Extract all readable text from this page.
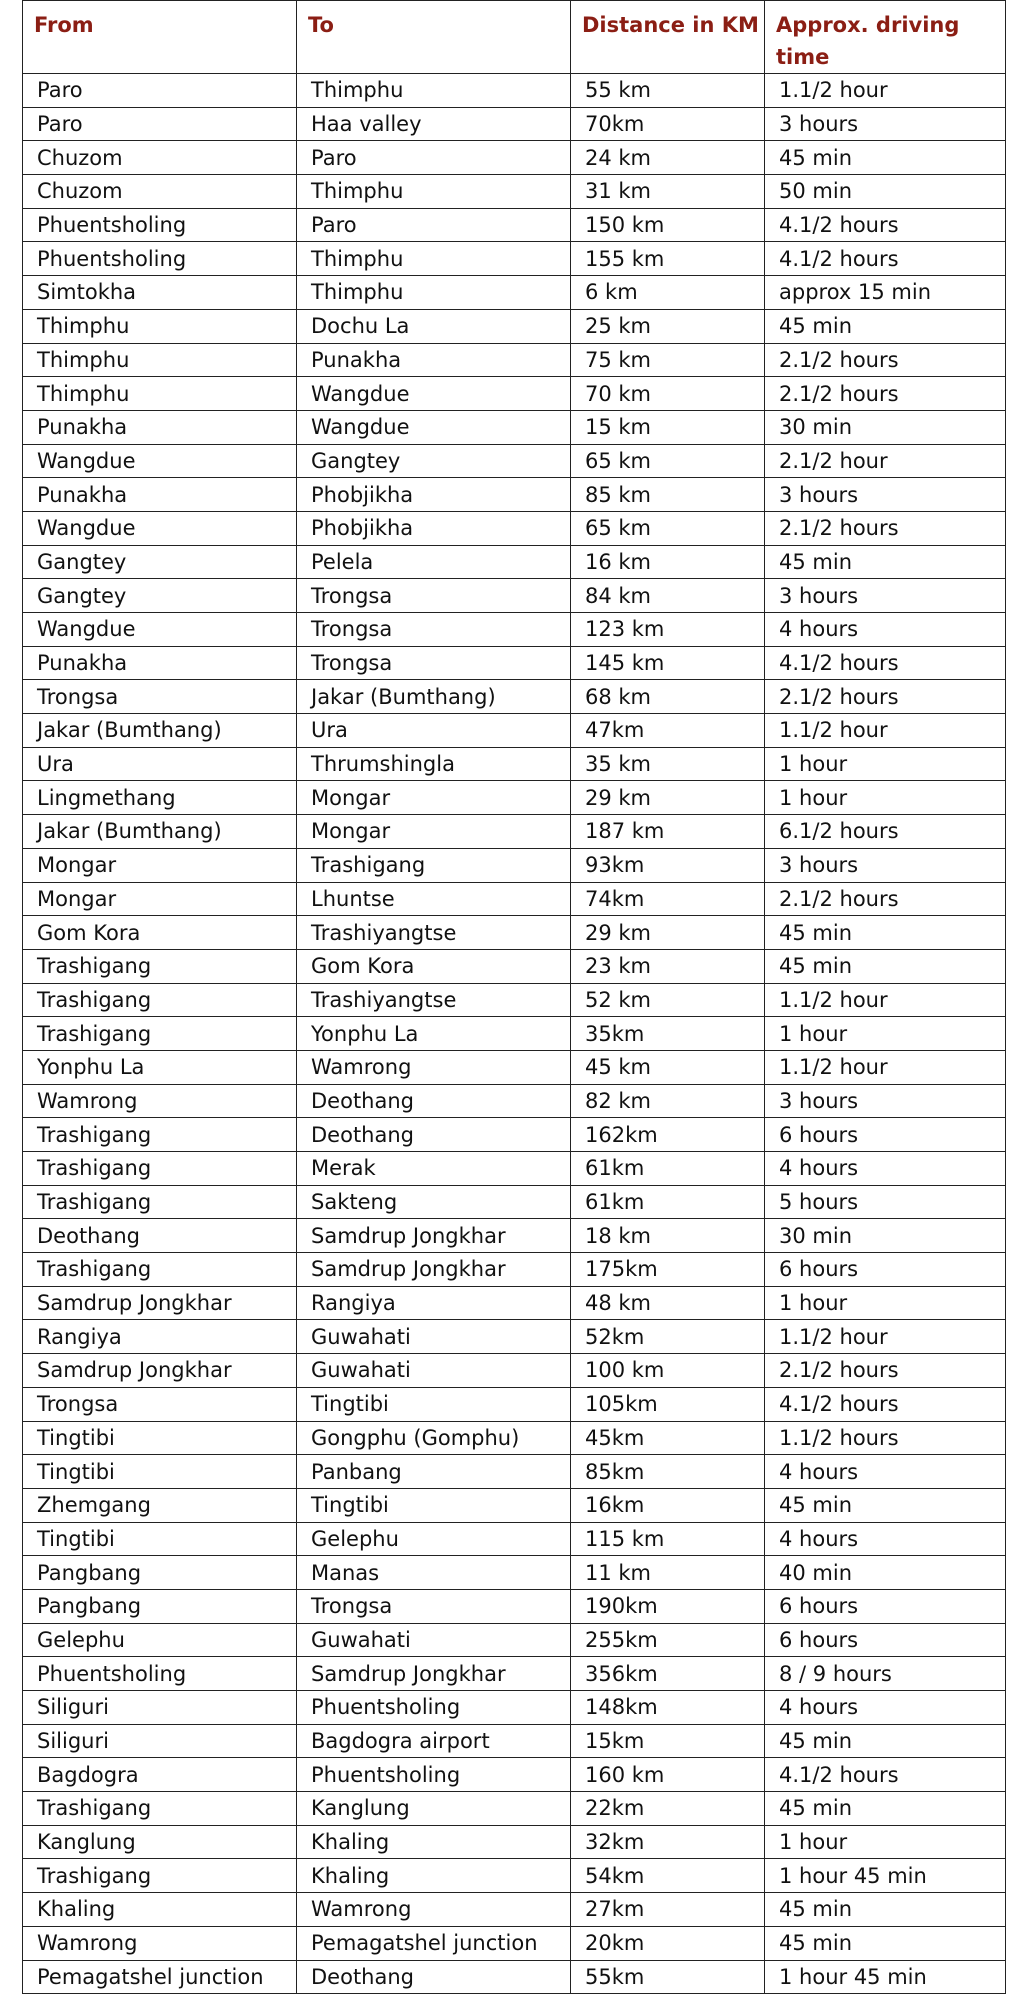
From	To	Distance in KM	Approx. driving time
Paro	Thimphu	55 km	1.1/2 hour
Paro	Haa valley	70km	3 hours
Chuzom	Paro	24 km	45 min
Chuzom	Thimphu	31 km	50 min
Phuentsholing	Paro	150 km	4.1/2 hours
Phuentsholing	Thimphu	155 km	4.1/2 hours
Simtokha	Thimphu	6 km	approx 15 min
Thimphu	Dochu La	25 km	45 min
Thimphu	Punakha	75 km	2.1/2 hours
Thimphu	Wangdue	70 km	2.1/2 hours
Punakha	Wangdue	15 km	30 min
Wangdue	Gangtey	65 km	2.1/2 hour
Punakha	Phobjikha	85 km	3 hours
Wangdue	Phobjikha	65 km	2.1/2 hours
Gangtey	Pelela	16 km	45 min
Gangtey	Trongsa	84 km	3 hours
Wangdue	Trongsa	123 km	4 hours
Punakha	Trongsa	145 km	4.1/2 hours
Trongsa	Jakar (Bumthang)	68 km	2.1/2 hours
Jakar (Bumthang)	Ura	47km	1.1/2 hour
Ura	Thrumshingla	35 km	1 hour
Lingmethang	Mongar	29 km	1 hour
Jakar (Bumthang)	Mongar	187 km	6.1/2 hours
Mongar	Trashigang	93km	3 hours
Mongar	Lhuntse	74km	2.1/2 hours
Gom Kora	Trashiyangtse	29 km	45 min
Trashigang	Gom Kora	23 km	45 min
Trashigang	Trashiyangtse	52 km	1.1/2 hour
Trashigang	Yonphu La	35km	1 hour
Yonphu La	Wamrong	45 km	1.1/2 hour
Wamrong	Deothang	82 km	3 hours
Trashigang	Deothang	162km	6 hours
Trashigang	Merak	61km	4 hours
Trashigang	Sakteng	61km	5 hours
Deothang	Samdrup Jongkhar	18 km	30 min
Trashigang	Samdrup Jongkhar	175km	6 hours
Samdrup Jongkhar	Rangiya	48 km	1 hour
Rangiya	Guwahati	52km	1.1/2 hour
Samdrup Jongkhar	Guwahati	100 km	2.1/2 hours
Trongsa	Tingtibi	105km	4.1/2 hours
Tingtibi	Gongphu (Gomphu)	45km	1.1/2 hours
Tingtibi	Panbang	85km	4 hours
Zhemgang	Tingtibi	16km	45 min
Tingtibi	Gelephu	115 km	4 hours
Pangbang	Manas	11 km	40 min
Pangbang	Trongsa	190km	6 hours
Gelephu	Guwahati	255km	6 hours
Phuentsholing	Samdrup Jongkhar	356km	8 / 9 hours
Siliguri	Phuentsholing	148km	4 hours
Siliguri	Bagdogra airport	15km	45 min
Bagdogra	Phuentsholing	160 km	4.1/2 hours
Trashigang	Kanglung	22km	45 min
Kanglung	Khaling	32km	1 hour
Trashigang	Khaling	54km	1 hour 45 min
Khaling	Wamrong	27km	45 min
Wamrong	Pemagatshel junction	20km	45 min
Pemagatshel junction	Deothang	55km	1 hour 45 min
